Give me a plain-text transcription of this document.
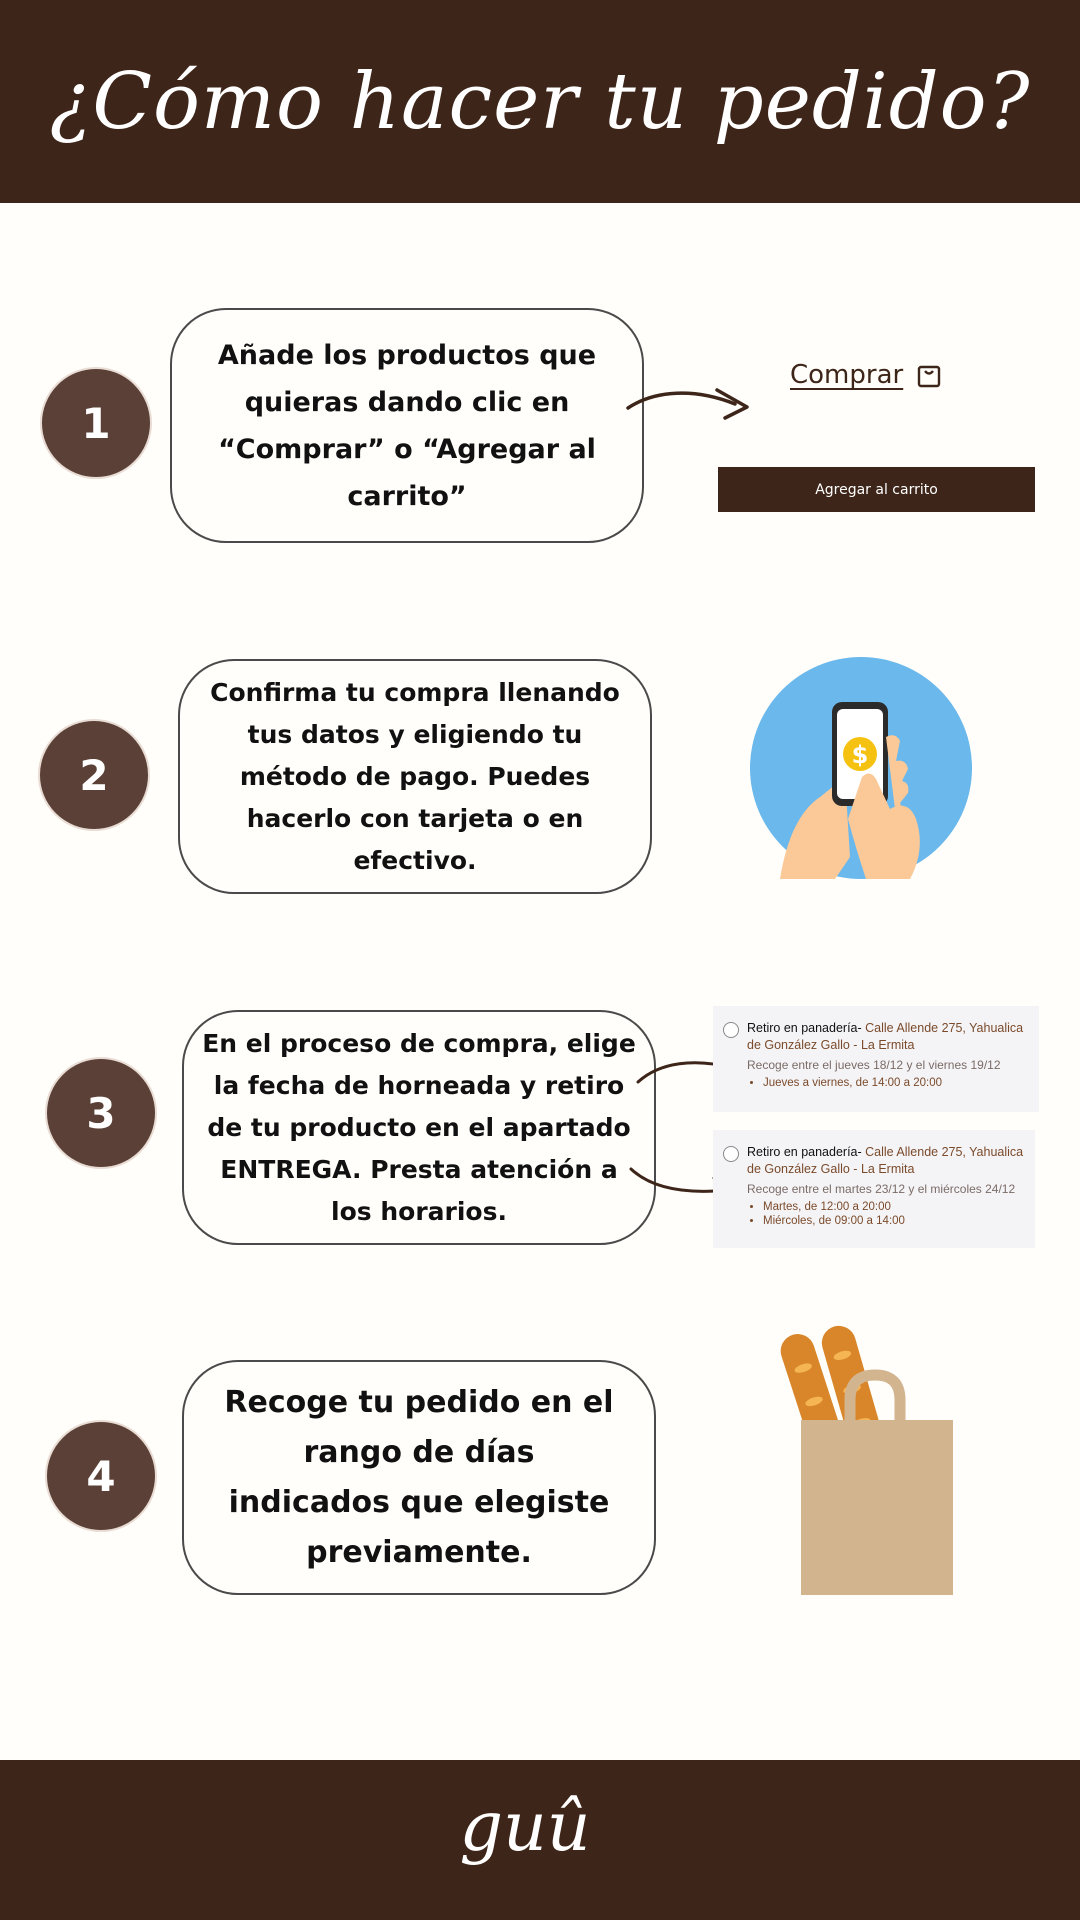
¿Cómo hacer tu pedido?
1
Añade los productos que quieras dando clic en “Comprar” o “Agregar al carrito”
Comprar
Agregar al carrito
2
Confirma tu compra llenando tus datos y eligiendo tu método de pago. Puedes hacerlo con tarjeta o en efectivo.
$
3
En el proceso de compra, elige la fecha de horneada y retiro de tu producto en el apartado ENTREGA. Presta atención a los horarios.
Retiro en panadería- Calle Allende 275, Yahualica de González Gallo - La Ermita
Recoge entre el jueves 18/12 y el viernes 19/12
• Jueves a viernes, de 14:00 a 20:00
Retiro en panadería- Calle Allende 275, Yahualica de González Gallo - La Ermita
Recoge entre el martes 23/12 y el miércoles 24/12
• Martes, de 12:00 a 20:00
• Miércoles, de 09:00 a 14:00
4
Recoge tu pedido en el rango de días indicados que elegiste previamente.
guû
